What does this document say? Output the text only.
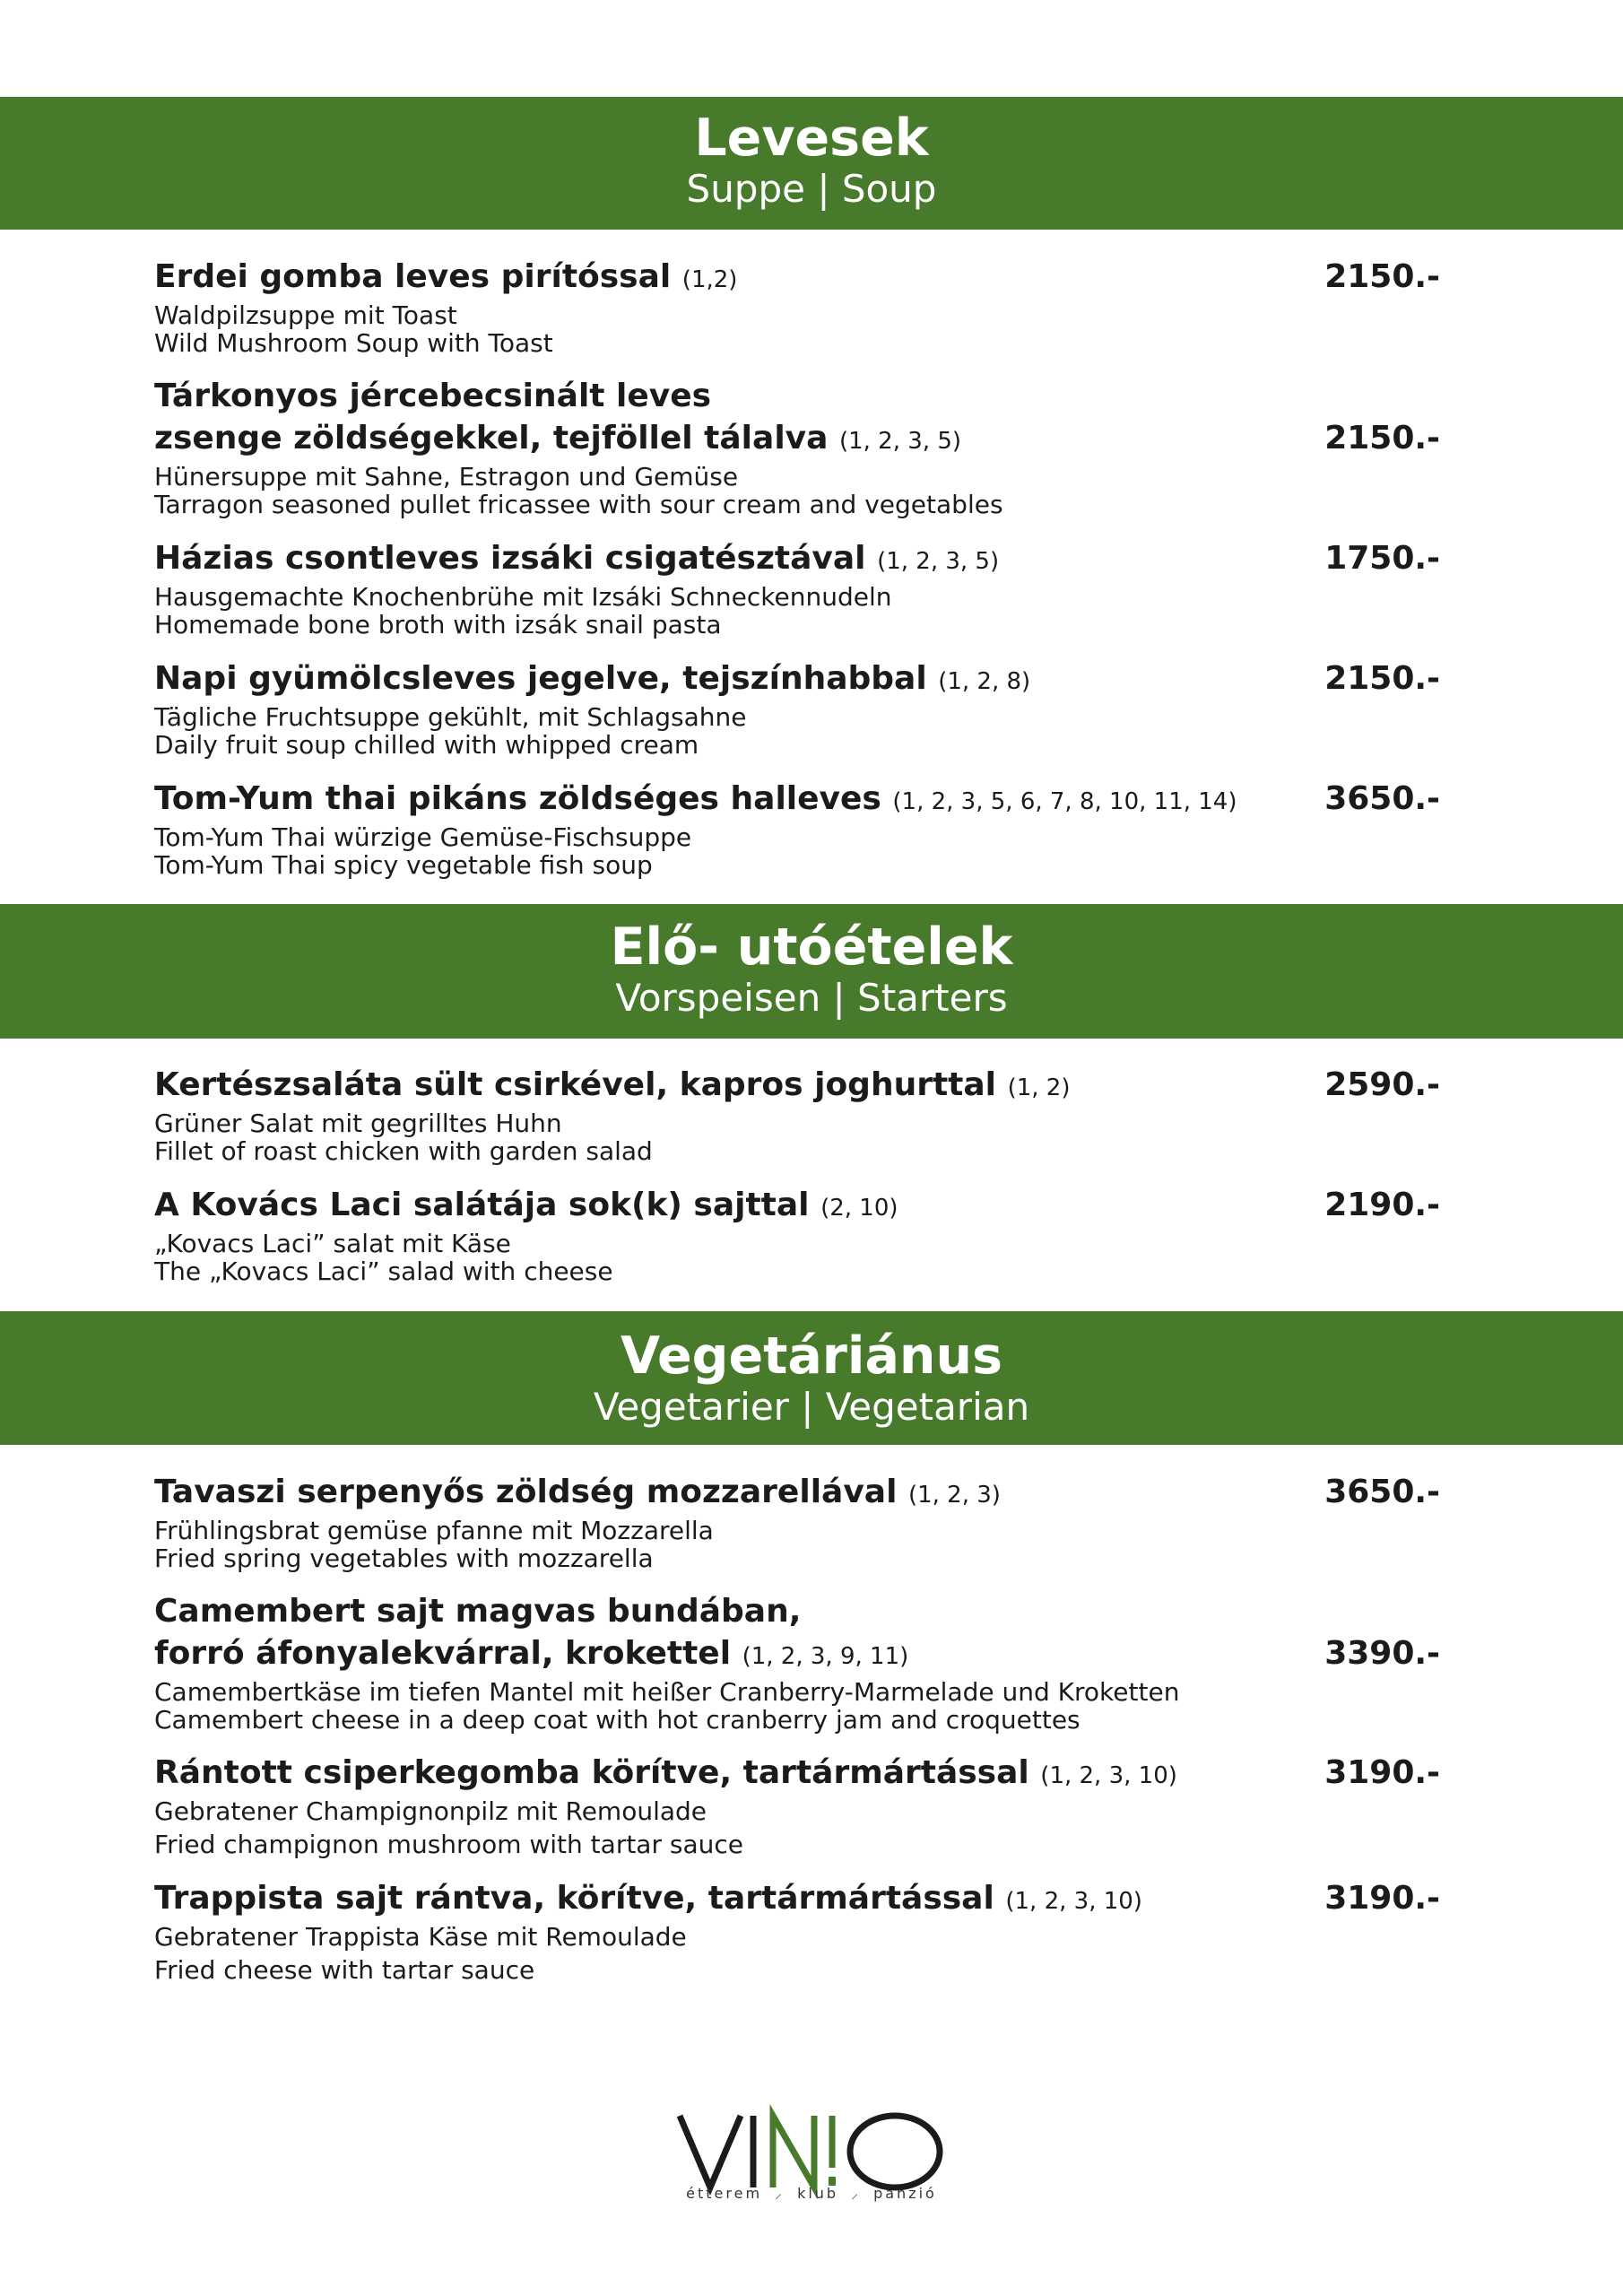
Levesek
Suppe | Soup
Erdei gomba leves pirítóssal (1,2)	2150.-
Waldpilzsuppe mit Toast
Wild Mushroom Soup with Toast
Tárkonyos jércebecsinált leves
zsenge zöldségekkel, tejföllel tálalva (1, 2, 3, 5)	2150.-
Hünersuppe mit Sahne, Estragon und Gemüse
Tarragon seasoned pullet fricassee with sour cream and vegetables
Házias csontleves izsáki csigatésztával (1, 2, 3, 5)	1750.-
Hausgemachte Knochenbrühe mit Izsáki Schneckennudeln
Homemade bone broth with izsák snail pasta
Napi gyümölcsleves jegelve, tejszínhabbal (1, 2, 8)	2150.-
Tägliche Fruchtsuppe gekühlt, mit Schlagsahne
Daily fruit soup chilled with whipped cream
Tom-Yum thai pikáns zöldséges halleves (1, 2, 3, 5, 6, 7, 8, 10, 11, 14)	3650.-
Tom-Yum Thai würzige Gemüse-Fischsuppe
Tom-Yum Thai spicy vegetable fish soup
Elő- utóételek
Vorspeisen | Starters
Kertészsaláta sült csirkével, kapros joghurttal (1, 2)	2590.-
Grüner Salat mit gegrilltes Huhn
Fillet of roast chicken with garden salad
A Kovács Laci salátája sok(k) sajttal (2, 10)	2190.-
„Kovacs Laci” salat mit Käse
The „Kovacs Laci” salad with cheese
Vegetáriánus
Vegetarier | Vegetarian
Tavaszi serpenyős zöldség mozzarellával (1, 2, 3)	3650.-
Frühlingsbrat gemüse pfanne mit Mozzarella
Fried spring vegetables with mozzarella
Camembert sajt magvas bundában,
forró áfonyalekvárral, krokettel (1, 2, 3, 9, 11)	3390.-
Camembertkäse im tiefen Mantel mit heißer Cranberry-Marmelade und Kroketten
Camembert cheese in a deep coat with hot cranberry jam and croquettes
Rántott csiperkegomba körítve, tartármártással (1, 2, 3, 10)	3190.-
Gebratener Champignonpilz mit Remoulade
Fried champignon mushroom with tartar sauce
Trappista sajt rántva, körítve, tartármártással (1, 2, 3, 10)	3190.-
Gebratener Trappista Käse mit Remoulade
Fried cheese with tartar sauce
étterem ⸝ klub ⸝ panzió
